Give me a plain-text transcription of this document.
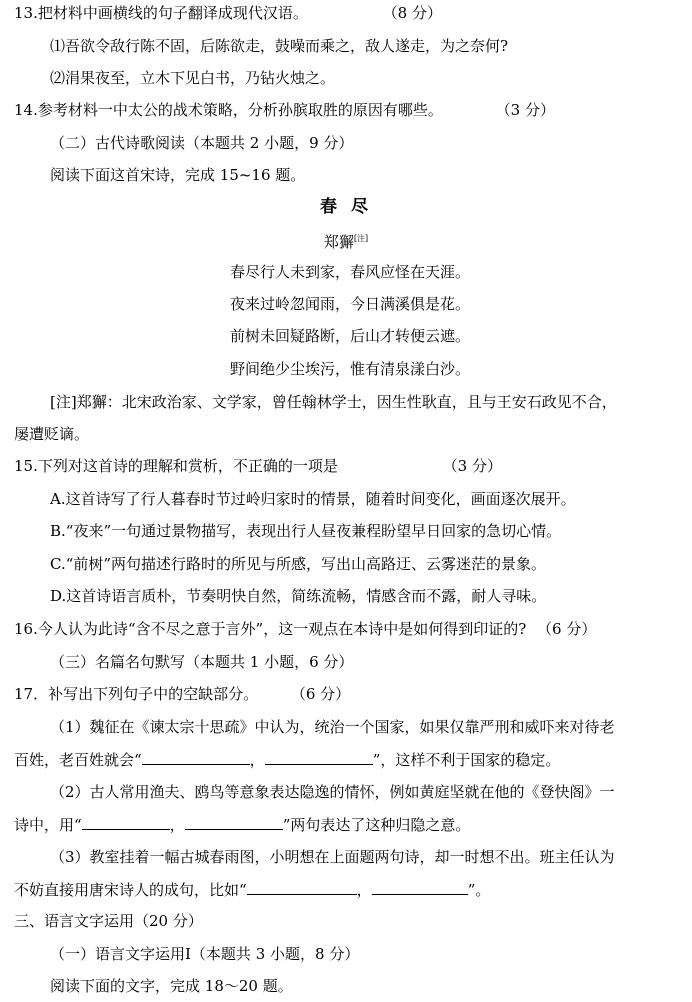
13.把材料中画横线的句子翻译成现代汉语。	（8 分）
⑴吾欲令敌行陈不固，后陈欲走，鼓噪而乘之，敌人遂走，为之奈何?
⑵涓果夜至，立木下见白书，乃钻火烛之。
14.参考材料一中太公的战术策略，分析孙膑取胜的原因有哪些。	（3 分）
（二）古代诗歌阅读（本题共 2 小题，9 分）
阅读下面这首宋诗，完成 15~16 题。
春 尽
郑獬[注]
春尽行人未到家，春风应怪在天涯。
夜来过岭忽闻雨，今日满溪俱是花。
前树未回疑路断，后山才转便云遮。
野间绝少尘埃污，惟有清泉漾白沙。
[注]郑獬：北宋政治家、文学家，曾任翰林学士，因生性耿直，且与王安石政见不合，
屡遭贬谪。
15.下列对这首诗的理解和赏析，不正确的一项是	（3 分）
A.这首诗写了行人暮春时节过岭归家时的情景，随着时间变化，画面逐次展开。
B.“夜来”一句通过景物描写，表现出行人昼夜兼程盼望早日回家的急切心情。
C.“前树”两句描述行路时的所见与所感，写出山高路迂、云雾迷茫的景象。
D.这首诗语言质朴，节奏明快自然，简练流畅，情感含而不露，耐人寻味。
16.今人认为此诗“含不尽之意于言外”，这一观点在本诗中是如何得到印证的? （6 分）
（三）名篇名句默写（本题共 1 小题，6 分）
17．补写出下列句子中的空缺部分。 （6 分）
（1）魏征在《谏太宗十思疏》中认为，统治一个国家，如果仅靠严刑和威吓来对待老
百姓，老百姓就会“	，	”，这样不利于国家的稳定。
（2）古人常用渔夫、鸥鸟等意象表达隐逸的情怀，例如黄庭坚就在他的《登快阁》一
诗中，用“	，	”两句表达了这种归隐之意。
（3）教室挂着一幅古城春雨图，小明想在上面题两句诗，却一时想不出。班主任认为
不妨直接用唐宋诗人的成句，比如“	，	”。
三、语言文字运用（20 分）
（一）语言文字运用Ⅰ（本题共 3 小题，8 分）
阅读下面的文字，完成 18～20 题。
